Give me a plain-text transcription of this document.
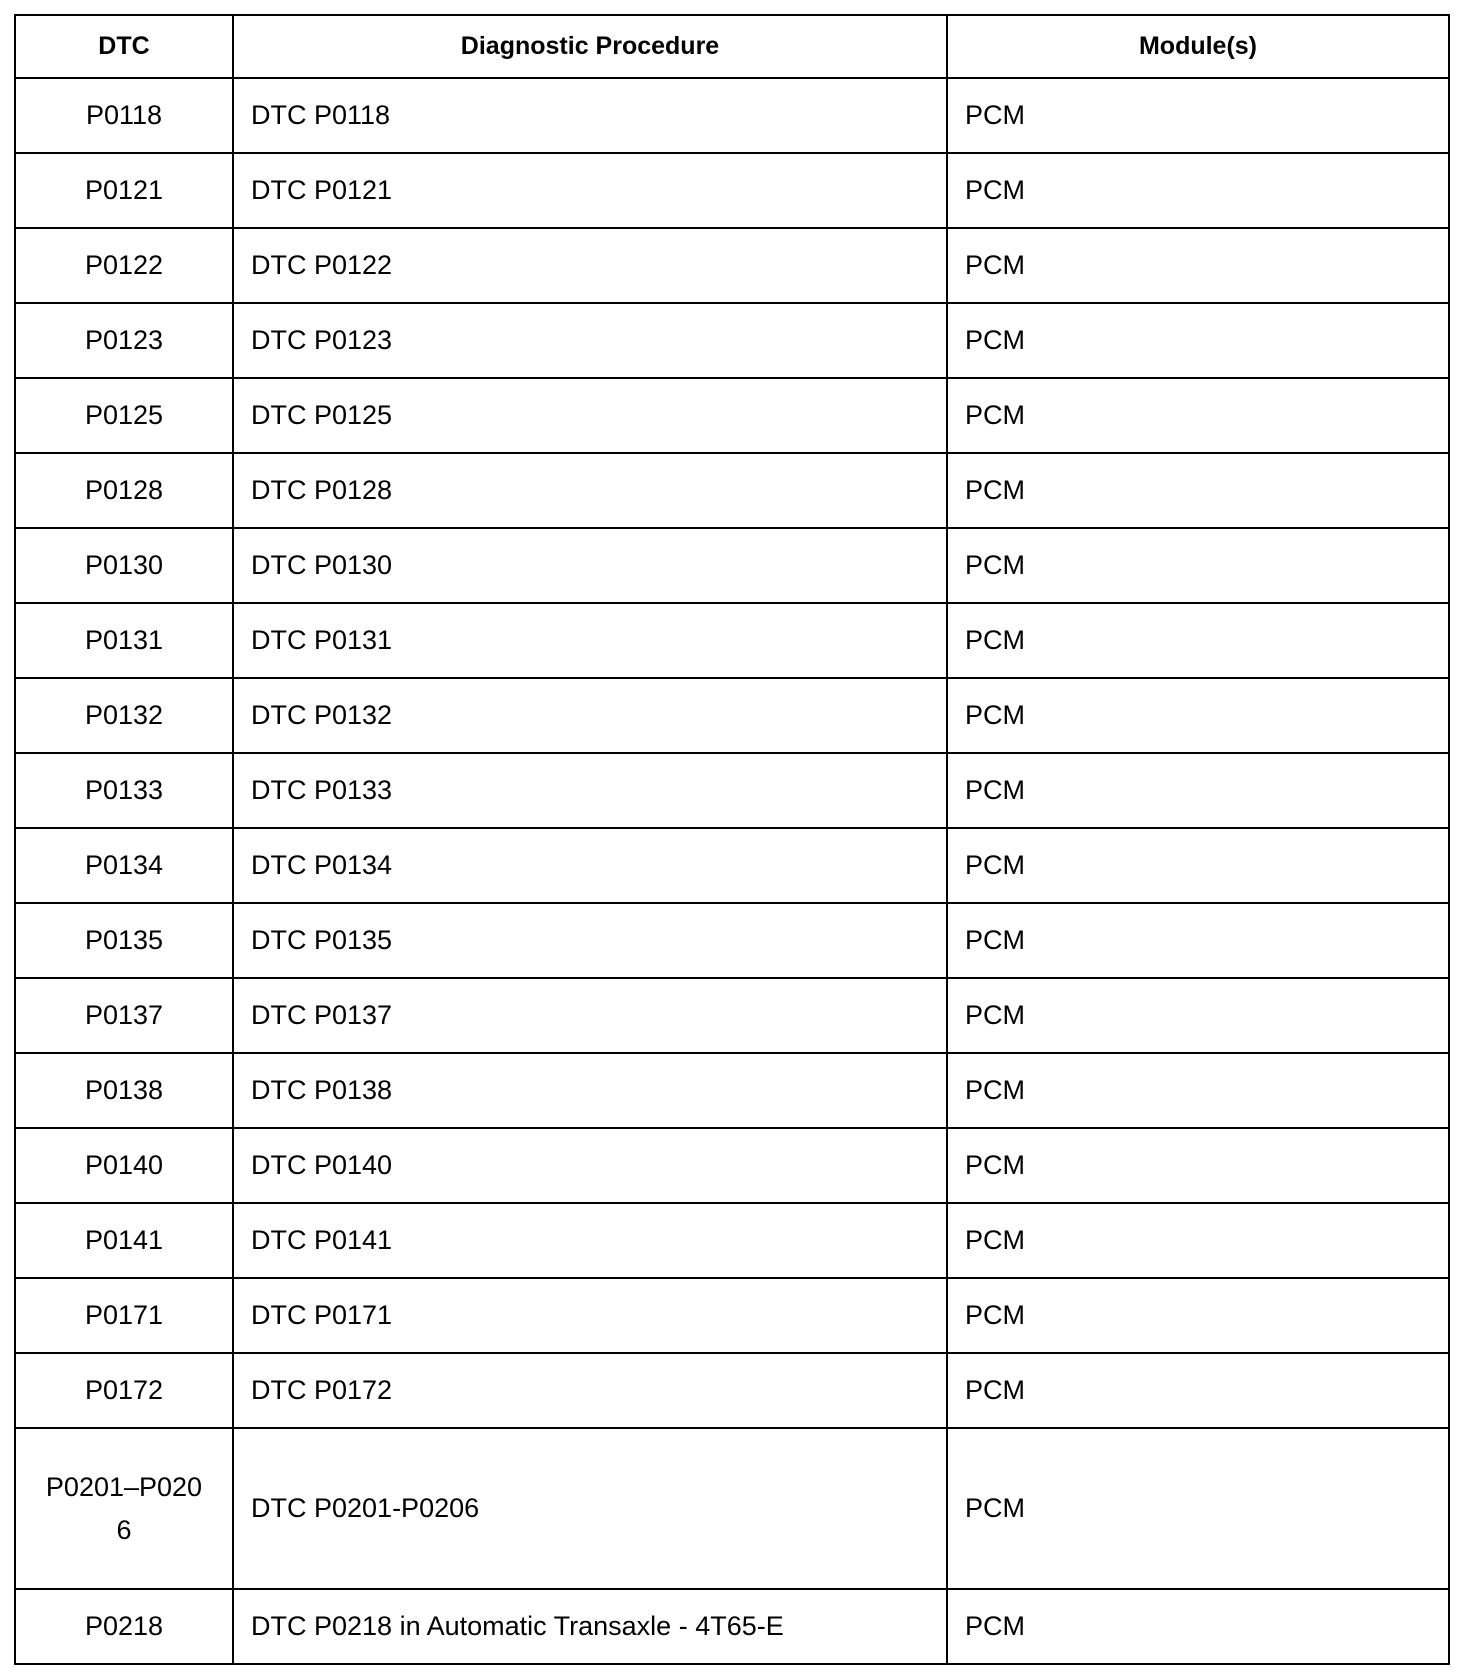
DTC	Diagnostic Procedure	Module(s)
P0118	DTC P0118	PCM
P0121	DTC P0121	PCM
P0122	DTC P0122	PCM
P0123	DTC P0123	PCM
P0125	DTC P0125	PCM
P0128	DTC P0128	PCM
P0130	DTC P0130	PCM
P0131	DTC P0131	PCM
P0132	DTC P0132	PCM
P0133	DTC P0133	PCM
P0134	DTC P0134	PCM
P0135	DTC P0135	PCM
P0137	DTC P0137	PCM
P0138	DTC P0138	PCM
P0140	DTC P0140	PCM
P0141	DTC P0141	PCM
P0171	DTC P0171	PCM
P0172	DTC P0172	PCM
P0201–P0206	DTC P0201-P0206	PCM
P0218	DTC P0218 in Automatic Transaxle - 4T65-E	PCM
